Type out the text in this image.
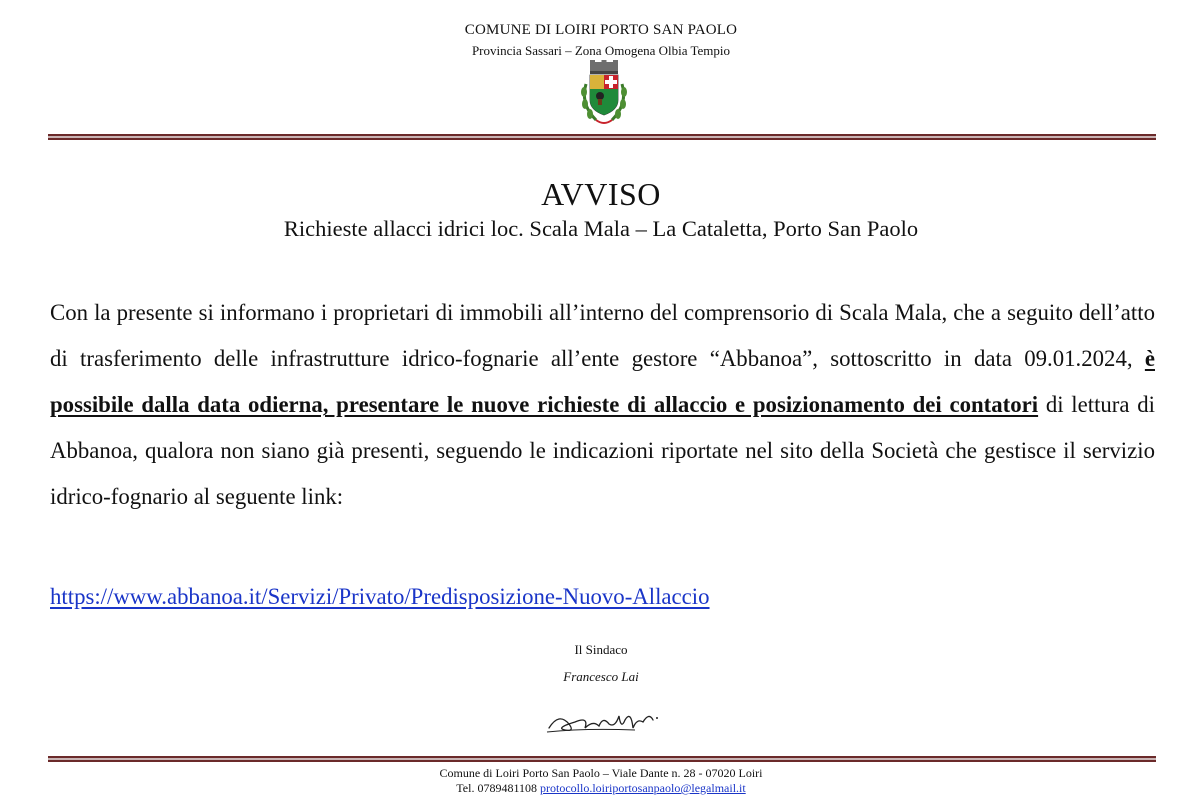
COMUNE DI LOIRI PORTO SAN PAOLO
Provincia Sassari – Zona Omogena Olbia Tempio
AVVISO
Richieste allacci idrici loc. Scala Mala – La Cataletta, Porto San Paolo

Con la presente si informano i proprietari di immobili all’interno del comprensorio di Scala Mala, che a seguito dell’atto di trasferimento delle infrastrutture idrico-fognarie all’ente gestore “Abbanoa”, sottoscritto in data 09.01.2024, è possibile dalla data odierna, presentare le nuove richieste di allaccio e posizionamento dei contatori di lettura di Abbanoa, qualora non siano già presenti, seguendo le indicazioni riportate nel sito della Società che gestisce il servizio idrico-fognario al seguente link:

https://www.abbanoa.it/Servizi/Privato/Predisposizione-Nuovo-Allaccio
Il Sindaco
Francesco Lai
Comune di Loiri Porto San Paolo – Viale Dante n. 28 - 07020 Loiri
Tel. 0789481108 protocollo.loiriportosanpaolo@legalmail.it
